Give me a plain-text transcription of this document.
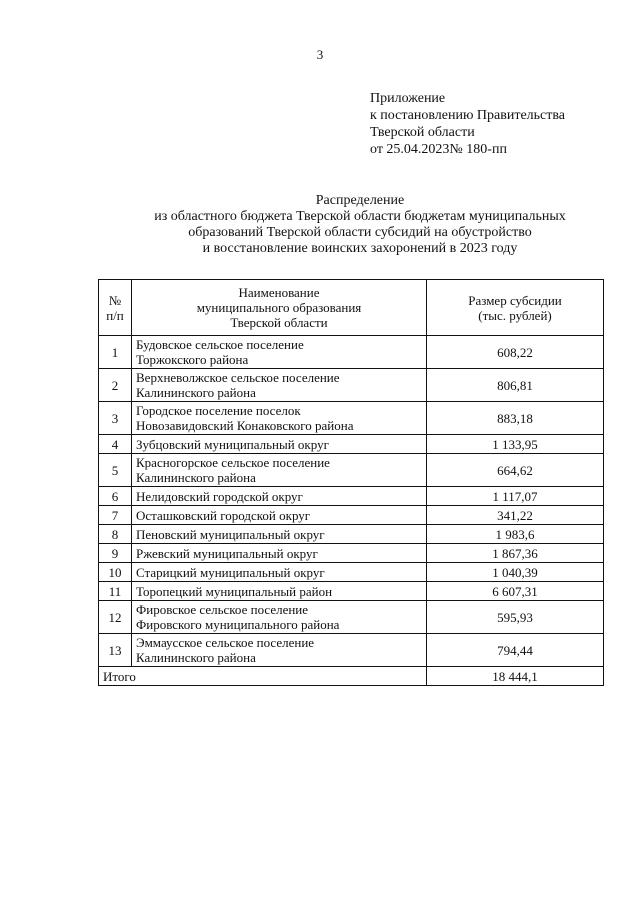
3
Приложение
к постановлению Правительства
Тверской области
от 25.04.2023№ 180-пп
Распределение
из областного бюджета Тверской области бюджетам муниципальных
образований Тверской области субсидий на обустройство
и восстановление воинских захоронений в 2023 году
№
п/п	Наименование
муниципального образования
Тверской области	Размер субсидии
(тыс. рублей)

1	Будовское сельское поселение
Торжокского района	608,22
2	Верхневолжское сельское поселение
Калининского района	806,81
3	Городское поселение поселок
Новозавидовский Конаковского района	883,18
4	Зубцовский муниципальный округ	1 133,95
5	Красногорское сельское поселение
Калининского района	664,62
6	Нелидовский городской округ	1 117,07
7	Осташковский городской округ	341,22
8	Пеновский муниципальный округ	1 983,6
9	Ржевский муниципальный округ	1 867,36
10	Старицкий муниципальный округ	1 040,39
11	Торопецкий муниципальный район	6 607,31
12	Фировское сельское поселение
Фировского муниципального района	595,93
13	Эммаусское сельское поселение
Калининского района	794,44
Итого		18 444,1
